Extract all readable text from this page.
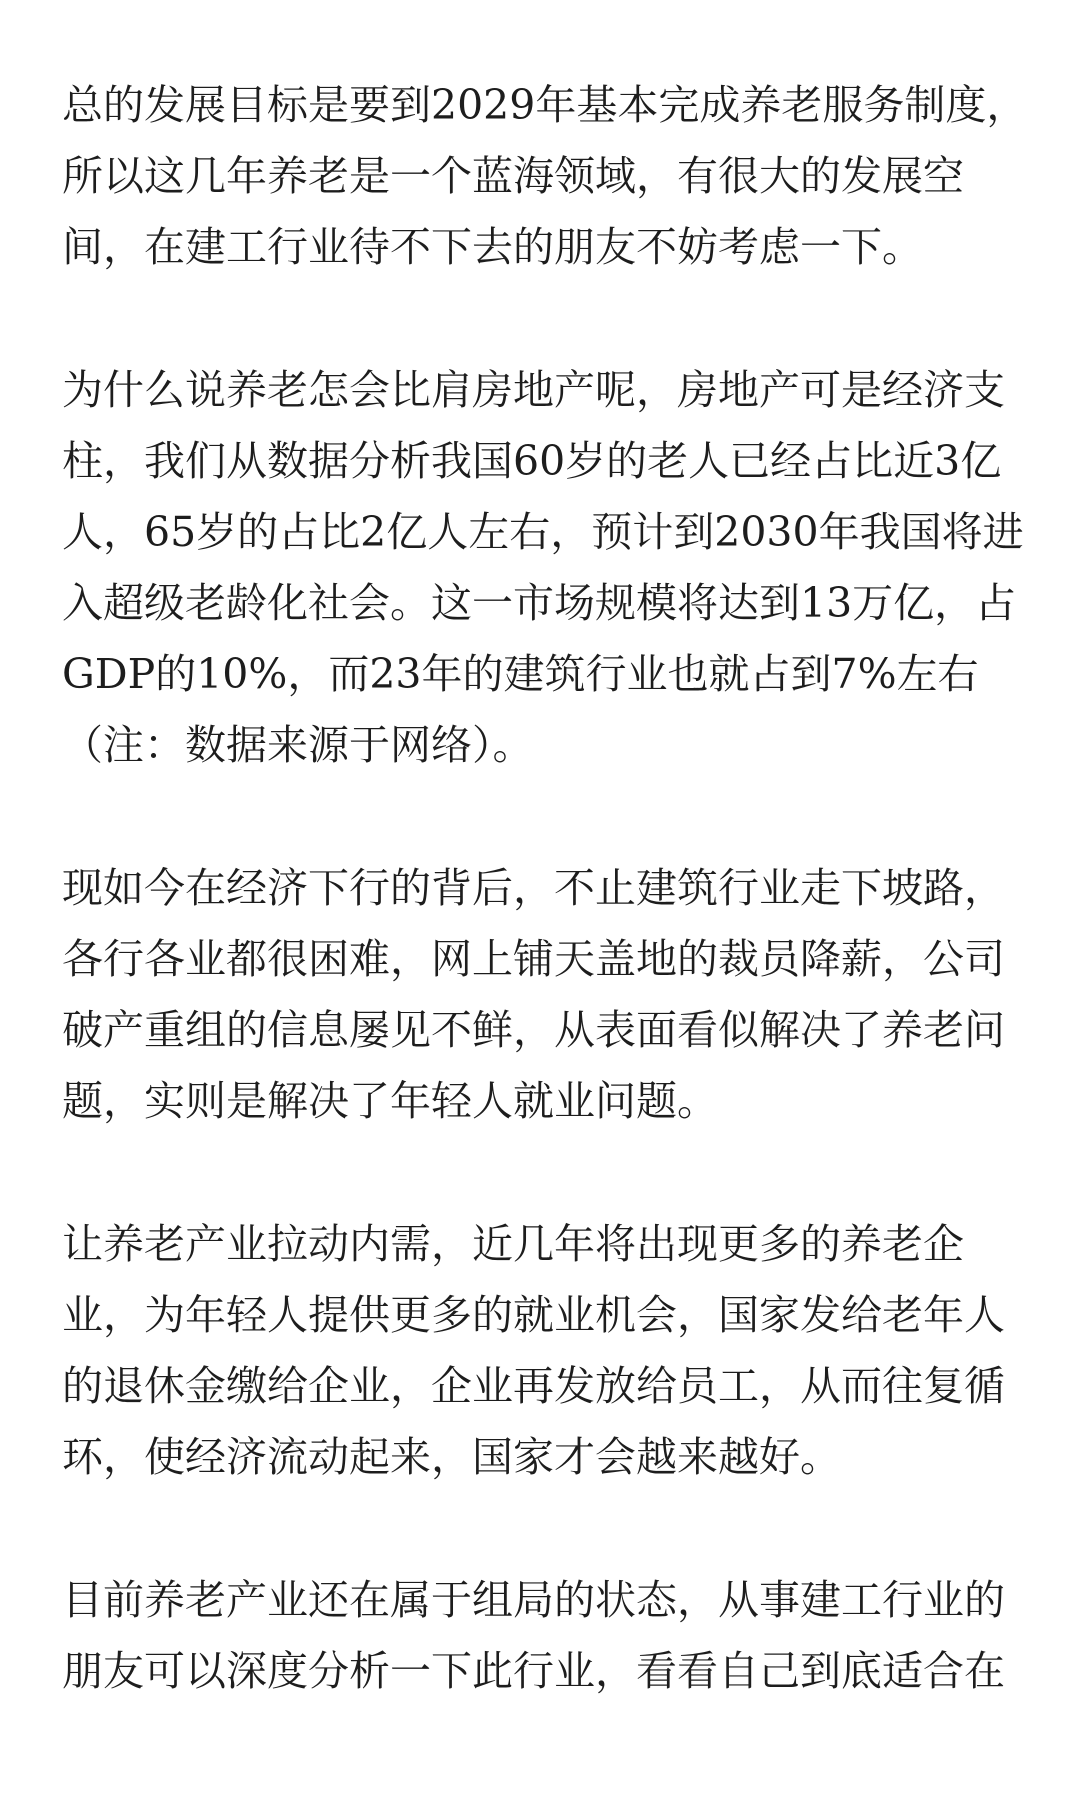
总的发展目标是要到2029年基本完成养老服务制度，
所以这几年养老是一个蓝海领域，有很大的发展空
间，在建工行业待不下去的朋友不妨考虑一下。

为什么说养老怎会比肩房地产呢，房地产可是经济支
柱，我们从数据分析我国60岁的老人已经占比近3亿
人，65岁的占比2亿人左右，预计到2030年我国将进
入超级老龄化社会。这一市场规模将达到13万亿，占
GDP的10%，而23年的建筑行业也就占到7%左右
（注：数据来源于网络）。

现如今在经济下行的背后，不止建筑行业走下坡路，
各行各业都很困难，网上铺天盖地的裁员降薪，公司
破产重组的信息屡见不鲜，从表面看似解决了养老问
题，实则是解决了年轻人就业问题。

让养老产业拉动内需，近几年将出现更多的养老企
业，为年轻人提供更多的就业机会，国家发给老年人
的退休金缴给企业，企业再发放给员工，从而往复循
环，使经济流动起来，国家才会越来越好。

目前养老产业还在属于组局的状态，从事建工行业的
朋友可以深度分析一下此行业，看看自己到底适合在
